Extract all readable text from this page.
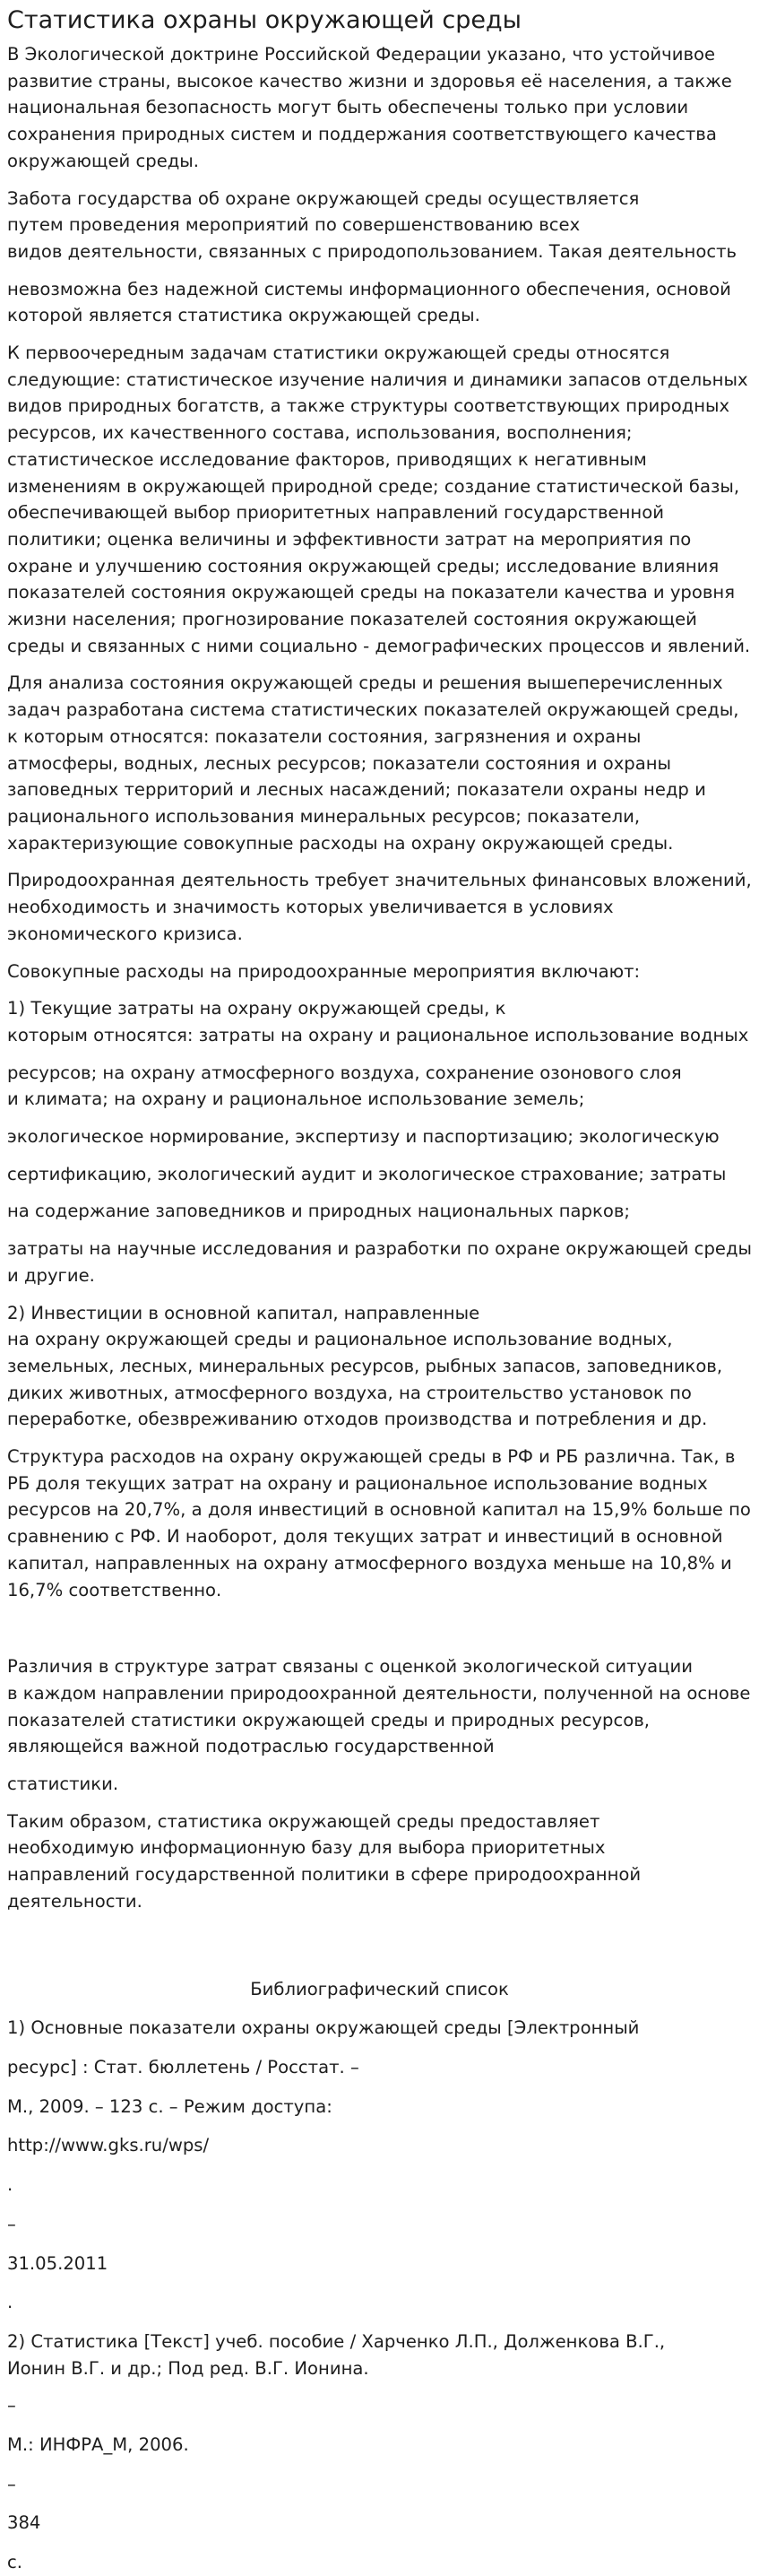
Статистика охраны окружающей среды

В Экологической доктрине Российской Федерации указано, что устойчивое развитие страны, высокое качество жизни и здоровья её населения, а также национальная безопасность могут быть обеспечены только при условии сохранения природных систем и поддержания соответствующего качества окружающей среды.

Забота государства об охране окружающей среды осуществляется
путем проведения мероприятий по совершенствованию всех
видов деятельности, связанных с природопользованием. Такая деятельность

невозможна без надежной системы информационного обеспечения, основой которой является статистика окружающей среды.

К первоочередным задачам статистики окружающей среды относятся следующие: статистическое изучение наличия и динамики запасов отдельных видов природных богатств, а также структуры соответствующих природных ресурсов, их качественного состава, использования, восполнения; статистическое исследование факторов, приводящих к негативным изменениям в окружающей природной среде; создание статистической базы, обеспечивающей выбор приоритетных направлений государственной политики; оценка величины и эффективности затрат на мероприятия по охране и улучшению состояния окружающей среды; исследование влияния показателей состояния окружающей среды на показатели качества и уровня жизни населения; прогнозирование показателей состояния окружающей среды и связанных с ними социально - демографических процессов и явлений.

Для анализа состояния окружающей среды и решения вышеперечисленных задач разработана система статистических показателей окружающей среды, к которым относятся: показатели состояния, загрязнения и охраны атмосферы, водных, лесных ресурсов; показатели состояния и охраны заповедных территорий и лесных насаждений; показатели охраны недр и рационального использования минеральных ресурсов; показатели, характеризующие совокупные расходы на охрану окружающей среды.

Природоохранная деятельность требует значительных финансовых вложений, необходимость и значимость которых увеличивается в условиях экономического кризиса.

Совокупные расходы на природоохранные мероприятия включают:

1) Текущие затраты на охрану окружающей среды, к
которым относятся: затраты на охрану и рациональное использование водных
ресурсов; на охрану атмосферного воздуха, сохранение озонового слоя
и климата; на охрану и рациональное использование земель;

экологическое нормирование, экспертизу и паспортизацию; экологическую

сертификацию, экологический аудит и экологическое страхование; затраты

на содержание заповедников и природных национальных парков;

затраты на научные исследования и разработки по охране окружающей среды и другие.

2) Инвестиции в основной капитал, направленные
на охрану окружающей среды и рациональное использование водных,
земельных, лесных, минеральных ресурсов, рыбных запасов, заповедников,
диких животных, атмосферного воздуха, на строительство установок по
переработке, обезвреживанию отходов производства и потребления и др.

Структура расходов на охрану окружающей среды в РФ и РБ различна. Так, в РБ доля текущих затрат на охрану и рациональное использование водных ресурсов на 20,7%, а доля инвестиций в основной капитал на 15,9% больше по сравнению с РФ. И наоборот, доля текущих затрат и инвестиций в основной капитал, направленных на охрану атмосферного воздуха меньше на 10,8% и 16,7% соответственно.

Различия в структуре затрат связаны с оценкой экологической ситуации
в каждом направлении природоохранной деятельности, полученной на основе
показателей статистики окружающей среды и природных ресурсов,
являющейся важной подотраслью государственной

статистики.

Таким образом, статистика окружающей среды предоставляет
необходимую информационную базу для выбора приоритетных
направлений государственной политики в сфере природоохранной
деятельности.

Библиографический список

1) Основные показатели охраны окружающей среды [Электронный

ресурс] : Стат. бюллетень / Росстат. –

М., 2009. – 123 с. – Режим доступа:

http://www.gks.ru/wps/

.

–

31.05.2011

.

2) Статистика [Текст] учеб. пособие / Харченко Л.П., Долженкова В.Г.,
Ионин В.Г. и др.; Под ред. В.Г. Ионина.

–

М.: ИНФРА_М, 2006.

–

384

с.
